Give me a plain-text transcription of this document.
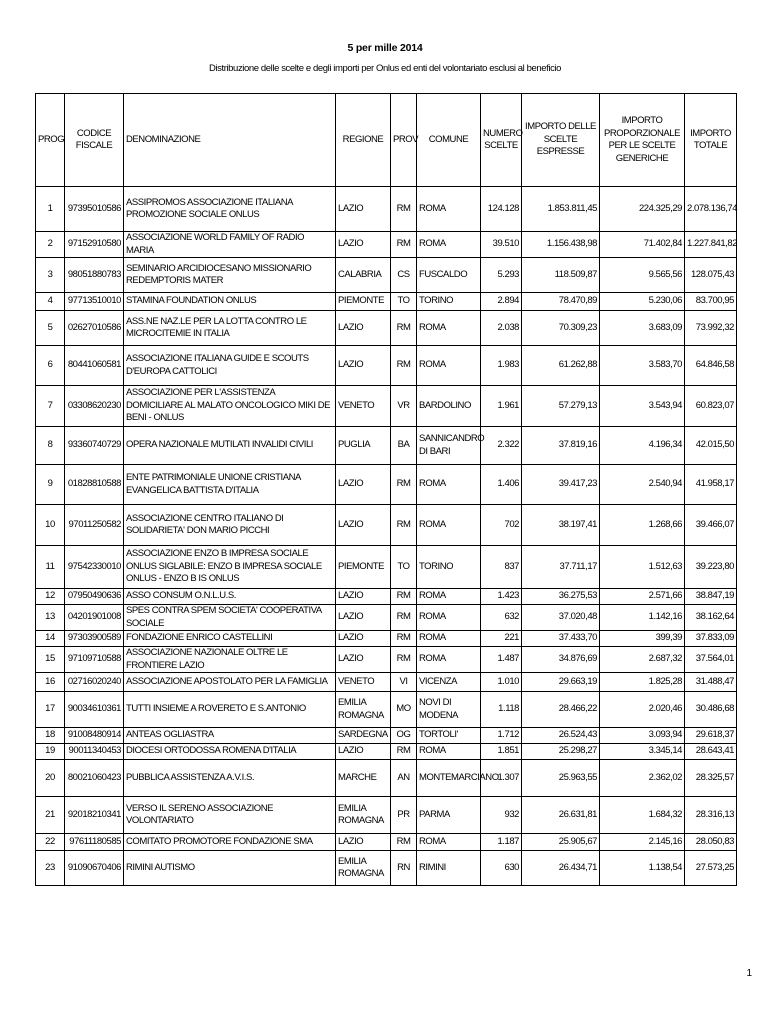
5 per mille 2014
Distribuzione delle scelte e degli importi per Onlus ed enti del volontariato esclusi al beneficio
PROG	CODICE FISCALE	DENOMINAZIONE	REGIONE	PROV	COMUNE	NUMERO SCELTE	IMPORTO DELLE SCELTE ESPRESSE	IMPORTO PROPORZIONALE PER LE SCELTE GENERICHE	IMPORTO TOTALE
1	97395010586	ASSIPROMOS ASSOCIAZIONE ITALIANA PROMOZIONE SOCIALE ONLUS	LAZIO	RM	ROMA	124.128	1.853.811,45	224.325,29	2.078.136,74
2	97152910580	ASSOCIAZIONE WORLD FAMILY OF RADIO MARIA	LAZIO	RM	ROMA	39.510	1.156.438,98	71.402,84	1.227.841,82
3	98051880783	SEMINARIO ARCIDIOCESANO MISSIONARIO REDEMPTORIS MATER	CALABRIA	CS	FUSCALDO	5.293	118.509,87	9.565,56	128.075,43
4	97713510010	STAMINA FOUNDATION ONLUS	PIEMONTE	TO	TORINO	2.894	78.470,89	5.230,06	83.700,95
5	02627010586	ASS.NE NAZ.LE PER LA LOTTA CONTRO LE MICROCITEMIE IN ITALIA	LAZIO	RM	ROMA	2.038	70.309,23	3.683,09	73.992,32
6	80441060581	ASSOCIAZIONE ITALIANA GUIDE E SCOUTS D'EUROPA CATTOLICI	LAZIO	RM	ROMA	1.983	61.262,88	3.583,70	64.846,58
7	03308620230	ASSOCIAZIONE PER L'ASSISTENZA DOMICILIARE AL MALATO ONCOLOGICO MIKI DE BENI - ONLUS	VENETO	VR	BARDOLINO	1.961	57.279,13	3.543,94	60.823,07
8	93360740729	OPERA NAZIONALE MUTILATI INVALIDI CIVILI	PUGLIA	BA	SANNICANDRO DI BARI	2.322	37.819,16	4.196,34	42.015,50
9	01828810588	ENTE PATRIMONIALE UNIONE CRISTIANA EVANGELICA BATTISTA D'ITALIA	LAZIO	RM	ROMA	1.406	39.417,23	2.540,94	41.958,17
10	97011250582	ASSOCIAZIONE CENTRO ITALIANO DI SOLIDARIETA' DON MARIO PICCHI	LAZIO	RM	ROMA	702	38.197,41	1.268,66	39.466,07
11	97542330010	ASSOCIAZIONE ENZO B IMPRESA SOCIALE ONLUS SIGLABILE: ENZO B IMPRESA SOCIALE ONLUS - ENZO B IS ONLUS	PIEMONTE	TO	TORINO	837	37.711,17	1.512,63	39.223,80
12	07950490636	ASSO CONSUM O.N.L.U.S.	LAZIO	RM	ROMA	1.423	36.275,53	2.571,66	38.847,19
13	04201901008	SPES CONTRA SPEM SOCIETA' COOPERATIVA SOCIALE	LAZIO	RM	ROMA	632	37.020,48	1.142,16	38.162,64
14	97303900589	FONDAZIONE ENRICO CASTELLINI	LAZIO	RM	ROMA	221	37.433,70	399,39	37.833,09
15	97109710588	ASSOCIAZIONE NAZIONALE OLTRE LE FRONTIERE LAZIO	LAZIO	RM	ROMA	1.487	34.876,69	2.687,32	37.564,01
16	02716020240	ASSOCIAZIONE APOSTOLATO PER LA FAMIGLIA	VENETO	VI	VICENZA	1.010	29.663,19	1.825,28	31.488,47
17	90034610361	TUTTI INSIEME A ROVERETO E S.ANTONIO	EMILIA ROMAGNA	MO	NOVI DI MODENA	1.118	28.466,22	2.020,46	30.486,68
18	91008480914	ANTEAS OGLIASTRA	SARDEGNA	OG	TORTOLI'	1.712	26.524,43	3.093,94	29.618,37
19	90011340453	DIOCESI ORTODOSSA ROMENA D'ITALIA	LAZIO	RM	ROMA	1.851	25.298,27	3.345,14	28.643,41
20	80021060423	PUBBLICA ASSISTENZA A.V.I.S.	MARCHE	AN	MONTEMARCIANO	1.307	25.963,55	2.362,02	28.325,57
21	92018210341	VERSO IL SERENO ASSOCIAZIONE VOLONTARIATO	EMILIA ROMAGNA	PR	PARMA	932	26.631,81	1.684,32	28.316,13
22	97611180585	COMITATO PROMOTORE FONDAZIONE SMA	LAZIO	RM	ROMA	1.187	25.905,67	2.145,16	28.050,83
23	91090670406	RIMINI AUTISMO	EMILIA ROMAGNA	RN	RIMINI	630	26.434,71	1.138,54	27.573,25
1
